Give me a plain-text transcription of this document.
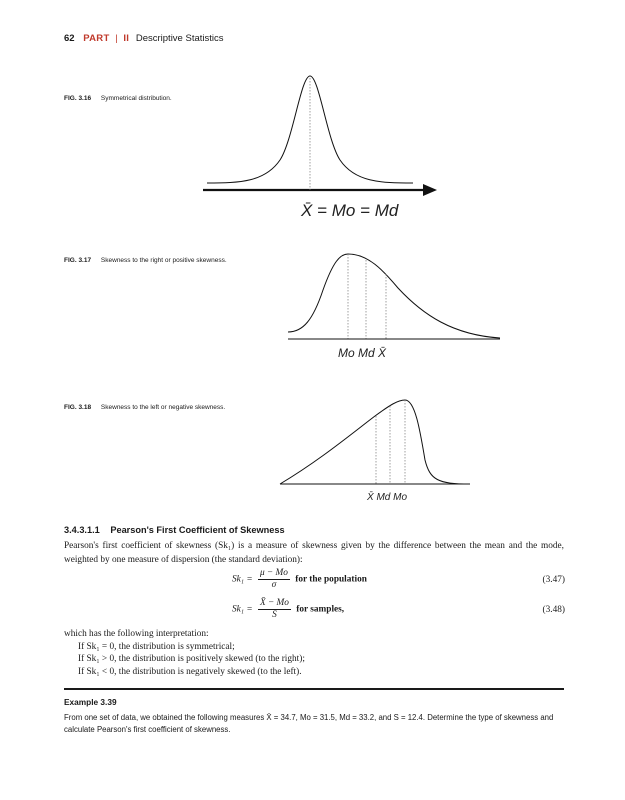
62 PART | II Descriptive Statistics
FIG. 3.16 Symmetrical distribution.
X̄ = Mo = Md
FIG. 3.17 Skewness to the right or positive skewness.
Mo Md X̄
FIG. 3.18 Skewness to the left or negative skewness.
X̄ Md Mo
3.4.3.1.1 Pearson's First Coefficient of Skewness
Pearson's first coefficient of skewness (Sk₁) is a measure of skewness given by the difference between the mean and the mode, weighted by one measure of dispersion (the standard deviation):
$Sk_1 = \frac{\mu - Mo}{\sigma}$ for the population	(3.47)
$Sk_1 = \frac{X̄ - Mo}{S}$ for samples,	(3.48)
which has the following interpretation:
If Sk₁ = 0, the distribution is symmetrical;
If Sk₁ > 0, the distribution is positively skewed (to the right);
If Sk₁ < 0, the distribution is negatively skewed (to the left).
Example 3.39
From one set of data, we obtained the following measures X̄ = 34.7, Mo = 31.5, Md = 33.2, and S = 12.4. Determine the type of skewness and calculate Pearson's first coefficient of skewness.
